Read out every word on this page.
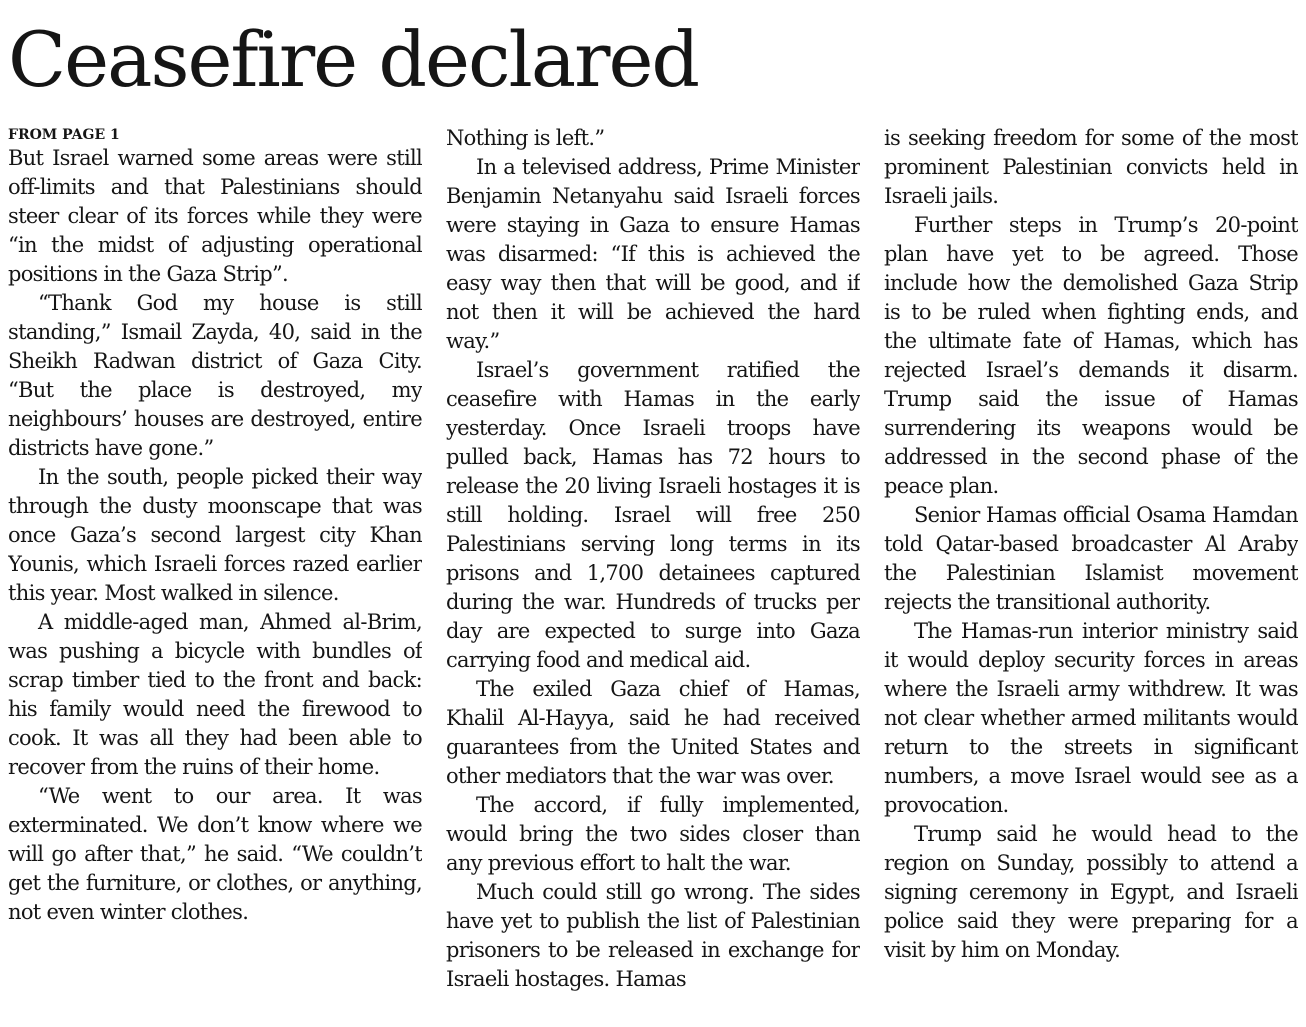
Ceasefire declared
FROM PAGE 1

But Israel warned some areas were still off-limits and that Palestinians should steer clear of its forces while they were “in the midst of adjusting operational positions in the Gaza Strip”.

“Thank God my house is still standing,” Ismail Zayda, 40, said in the Sheikh Radwan district of Gaza City. “But the place is destroyed, my neighbours’ houses are destroyed, entire districts have gone.”

In the south, people picked their way through the dusty moonscape that was once Gaza’s second largest city Khan Younis, which Israeli forces razed earlier this year. Most walked in silence.

A middle-aged man, Ahmed al-Brim, was pushing a bicycle with bundles of scrap timber tied to the front and back: his family would need the firewood to cook. It was all they had been able to recover from the ruins of their home.

“We went to our area. It was exterminated. We don’t know where we will go after that,” he said. “We couldn’t get the furniture, or clothes, or anything, not even winter clothes.

Nothing is left.”

In a televised address, Prime Minister Benjamin Netanyahu said Israeli forces were staying in Gaza to ensure Hamas was disarmed: “If this is achieved the easy way then that will be good, and if not then it will be achieved the hard way.”

Israel’s government ratified the ceasefire with Hamas in the early yesterday. Once Israeli troops have pulled back, Hamas has 72 hours to release the 20 living Israeli hostages it is still holding. Israel will free 250 Palestinians serving long terms in its prisons and 1,700 detainees captured during the war. Hundreds of trucks per day are expected to surge into Gaza carrying food and medical aid.

The exiled Gaza chief of Hamas, Khalil Al-Hayya, said he had received guarantees from the United States and other mediators that the war was over.

The accord, if fully implemented, would bring the two sides closer than any previous effort to halt the war.

Much could still go wrong. The sides have yet to publish the list of Palestinian prisoners to be released in exchange for Israeli hostages. Hamas

is seeking freedom for some of the most prominent Palestinian convicts held in Israeli jails.

Further steps in Trump’s 20-point plan have yet to be agreed. Those include how the demolished Gaza Strip is to be ruled when fighting ends, and the ultimate fate of Hamas, which has rejected Israel’s demands it disarm. Trump said the issue of Hamas surrendering its weapons would be addressed in the second phase of the peace plan.

Senior Hamas official Osama Hamdan told Qatar-based broadcaster Al Araby the Palestinian Islamist movement rejects the transitional authority.

The Hamas-run interior ministry said it would deploy security forces in areas where the Israeli army withdrew. It was not clear whether armed militants would return to the streets in significant numbers, a move Israel would see as a provocation.

Trump said he would head to the region on Sunday, possibly to attend a signing ceremony in Egypt, and Israeli police said they were preparing for a visit by him on Monday.
